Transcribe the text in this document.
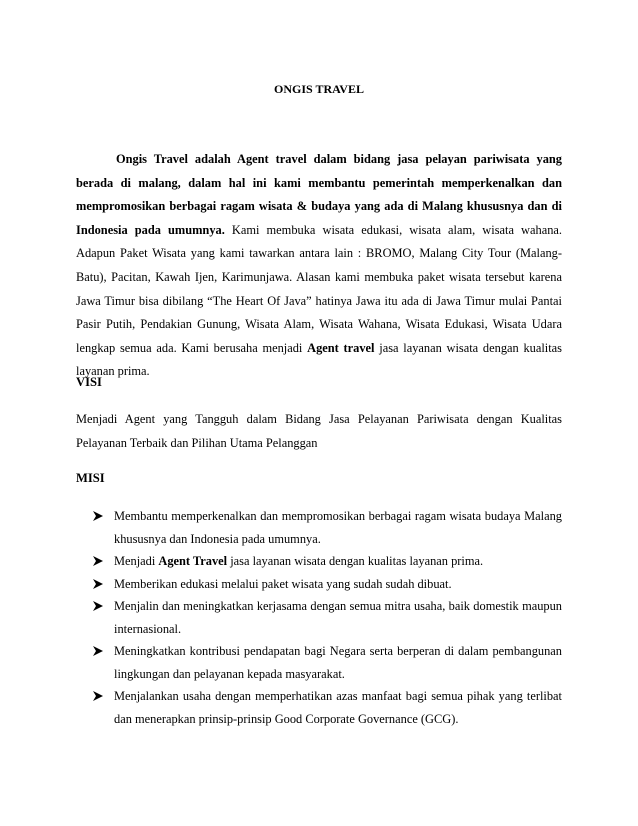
ONGIS TRAVEL

Ongis Travel adalah Agent travel dalam bidang jasa pelayan pariwisata yang berada di malang, dalam hal ini kami membantu pemerintah memperkenalkan dan mempromosikan berbagai ragam wisata & budaya yang ada di Malang khususnya dan di Indonesia pada umumnya. Kami membuka wisata edukasi, wisata alam, wisata wahana. Adapun Paket Wisata yang kami tawarkan antara lain : BROMO, Malang City Tour (Malang-Batu), Pacitan, Kawah Ijen, Karimunjawa. Alasan kami membuka paket wisata tersebut karena Jawa Timur bisa dibilang “The Heart Of Java” hatinya Jawa itu ada di Jawa Timur mulai Pantai Pasir Putih, Pendakian Gunung, Wisata Alam, Wisata Wahana, Wisata Edukasi, Wisata Udara lengkap semua ada. Kami berusaha menjadi Agent travel jasa layanan wisata dengan kualitas layanan prima.

VISI

Menjadi Agent yang Tangguh dalam Bidang Jasa Pelayanan Pariwisata dengan Kualitas Pelayanan Terbaik dan Pilihan Utama Pelanggan

MISI
Membantu memperkenalkan dan mempromosikan berbagai ragam wisata budaya Malang khususnya dan Indonesia pada umumnya.
Menjadi Agent Travel jasa layanan wisata dengan kualitas layanan prima.
Memberikan edukasi melalui paket wisata yang sudah sudah dibuat.
Menjalin dan meningkatkan kerjasama dengan semua mitra usaha, baik domestik maupun internasional.
Meningkatkan kontribusi pendapatan bagi Negara serta berperan di dalam pembangunan lingkungan dan pelayanan kepada masyarakat.
Menjalankan usaha dengan memperhatikan azas manfaat bagi semua pihak yang terlibat dan menerapkan prinsip-prinsip Good Corporate Governance (GCG).
